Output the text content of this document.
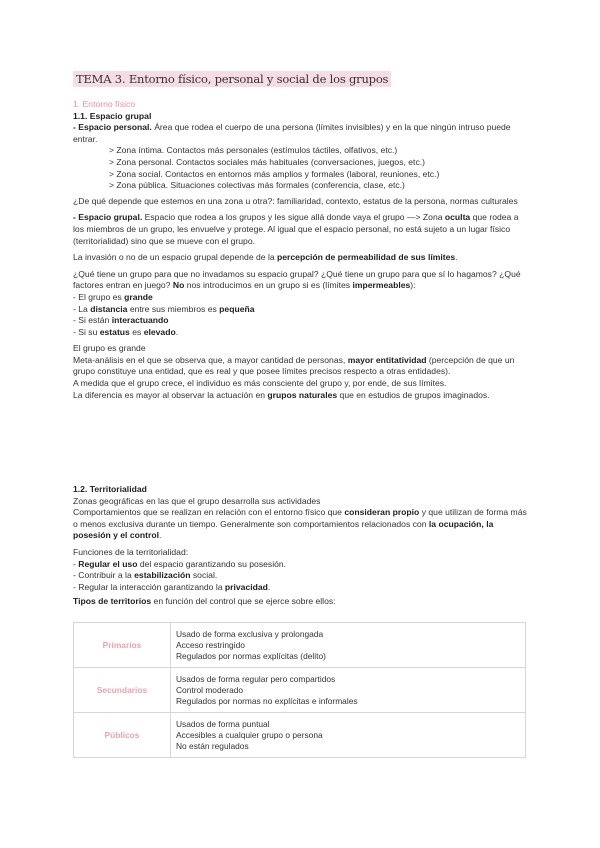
TEMA 3. Entorno físico, personal y social de los grupos

1. Entorno físico

1.1. Espacio grupal

- Espacio personal. Área que rodea el cuerpo de una persona (límites invisibles) y en la que ningún intruso puede entrar.

> Zona íntima. Contactos más personales (estímulos táctiles, olfativos, etc.)

> Zona personal. Contactos sociales más habituales (conversaciones, juegos, etc.)

> Zona social. Contactos en entornos más amplios y formales (laboral, reuniones, etc.)

> Zona pública. Situaciones colectivas más formales (conferencia, clase, etc.)

¿De qué depende que estemos en una zona u otra?: familiaridad, contexto, estatus de la persona, normas culturales

- Espacio grupal. Espacio que rodea a los grupos y les sigue allá donde vaya el grupo —> Zona oculta que rodea a los miembros de un grupo, les envuelve y protege. Al igual que el espacio personal, no está sujeto a un lugar físico (territorialidad) sino que se mueve con el grupo.

La invasión o no de un espacio grupal depende de la percepción de permeabilidad de sus límites.

¿Qué tiene un grupo para que no invadamos su espacio grupal? ¿Qué tiene un grupo para que sí lo hagamos? ¿Qué factores entran en juego? No nos introducimos en un grupo si es (límites impermeables):

- El grupo es grande

- La distancia entre sus miembros es pequeña

- Si están interactuando

- Si su estatus es elevado.

El grupo es grande

Meta-análisis en el que se observa que, a mayor cantidad de personas, mayor entitatividad (percepción de que un grupo constituye una entidad, que es real y que posee límites precisos respecto a otras entidades).

A medida que el grupo crece, el individuo es más consciente del grupo y, por ende, de sus límites.

La diferencia es mayor al observar la actuación en grupos naturales que en estudios de grupos imaginados.

1.2. Territorialidad

Zonas geográficas en las que el grupo desarrolla sus actividades

Comportamientos que se realizan en relación con el entorno físico que consideran propio y que utilizan de forma más o menos exclusiva durante un tiempo. Generalmente son comportamientos relacionados con la ocupación, la posesión y el control.

Funciones de la territorialidad:

- Regular el uso del espacio garantizando su posesión.

- Contribuir a la estabilización social.

- Regular la interacción garantizando la privacidad.

Tipos de territorios en función del control que se ejerce sobre ellos:

Primarios	Usado de forma exclusiva y prolongada
Acceso restringido
Regulados por normas explícitas (delito)

Secundarios	Usados de forma regular pero compartidos
Control moderado
Regulados por normas no explícitas e informales

Públicos	Usados de forma puntual
Accesibles a cualquier grupo o persona
No están regulados
